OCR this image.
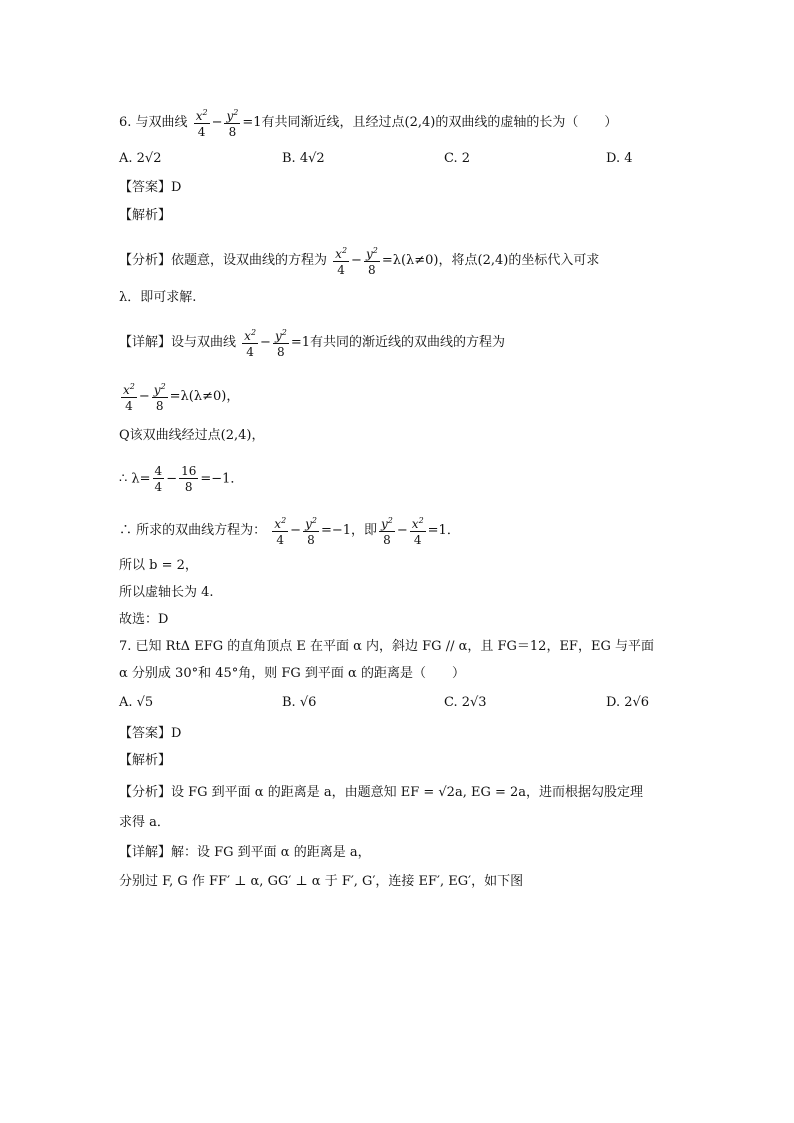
6. 与双曲线 $\frac{x^2}{4} - \frac{y^2}{8} =1$有共同渐近线，且经过点(2,4)的双曲线的虚轴的长为（　　）
A. 2√2	B. 4√2	C. 2	D. 4
【答案】D
【解析】
【分析】依题意，设双曲线的方程为 $\frac{x^2}{4} - \frac{y^2}{8} =\lambda(\lambda\ne 0)$，将点(2,4)的坐标代入可求
λ．即可求解.
【详解】设与双曲线 $\frac{x^2}{4} - \frac{y^2}{8} =1$有共同的渐近线的双曲线的方程为
$\frac{x^2}{4} - \frac{y^2}{8} =\lambda(\lambda\ne 0)$，
Q该双曲线经过点(2,4)，
∴ $\lambda= \frac{4}{4} - \frac{16}{8} =-1$．
∴ 所求的双曲线方程为： $\frac{x^2}{4} - \frac{y^2}{8} =-1$，即 $\frac{y^2}{8} - \frac{x^2}{4} =1$．
所以 b = 2，
所以虚轴长为 4.
故选：D
7. 已知 RtΔ EFG 的直角顶点 E 在平面 α 内，斜边 FG // α，且 FG＝12，EF，EG 与平面
α 分别成 30°和 45°角，则 FG 到平面 α 的距离是（　　）
A. √5	B. √6	C. 2√3	D. 2√6
【答案】D
【解析】
【分析】设 FG 到平面 α 的距离是 a，由题意知 EF = √2a, EG = 2a，进而根据勾股定理
求得 a．
【详解】解：设 FG 到平面 α 的距离是 a，
分别过 F, G 作 FF′ ⊥ α, GG′ ⊥ α 于 F′, G′，连接 EF′, EG′，如下图
